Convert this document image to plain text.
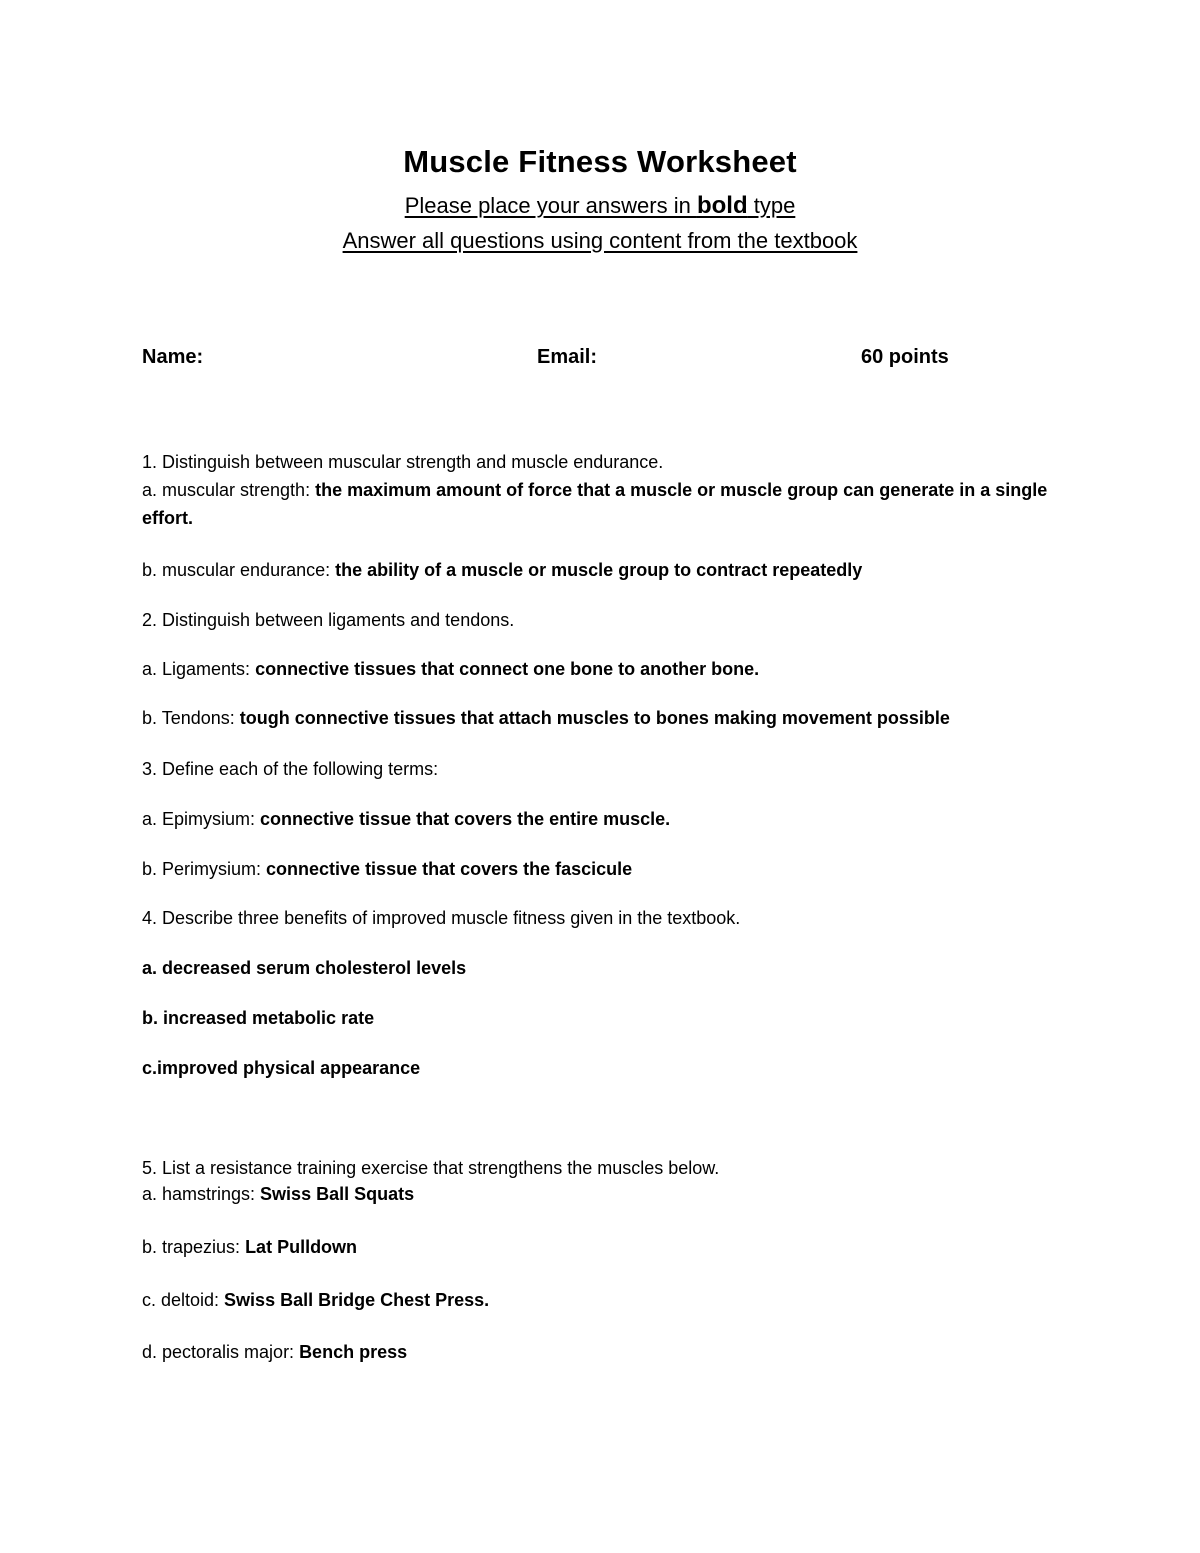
Muscle Fitness Worksheet
Please place your answers in bold type
Answer all questions using content from the textbook
Name:	Email:	60 points
1. Distinguish between muscular strength and muscle endurance.
a. muscular strength: the maximum amount of force that a muscle or muscle group can generate in a single effort.
b. muscular endurance: the ability of a muscle or muscle group to contract repeatedly
2. Distinguish between ligaments and tendons.
a. Ligaments: connective tissues that connect one bone to another bone.
b. Tendons: tough connective tissues that attach muscles to bones making movement possible
3. Define each of the following terms:
a. Epimysium: connective tissue that covers the entire muscle.
b. Perimysium: connective tissue that covers the fascicule
4. Describe three benefits of improved muscle fitness given in the textbook.
a. decreased serum cholesterol levels
b. increased metabolic rate
c.improved physical appearance
5. List a resistance training exercise that strengthens the muscles below.
a. hamstrings: Swiss Ball Squats
b. trapezius: Lat Pulldown
c. deltoid: Swiss Ball Bridge Chest Press.
d. pectoralis major: Bench press
